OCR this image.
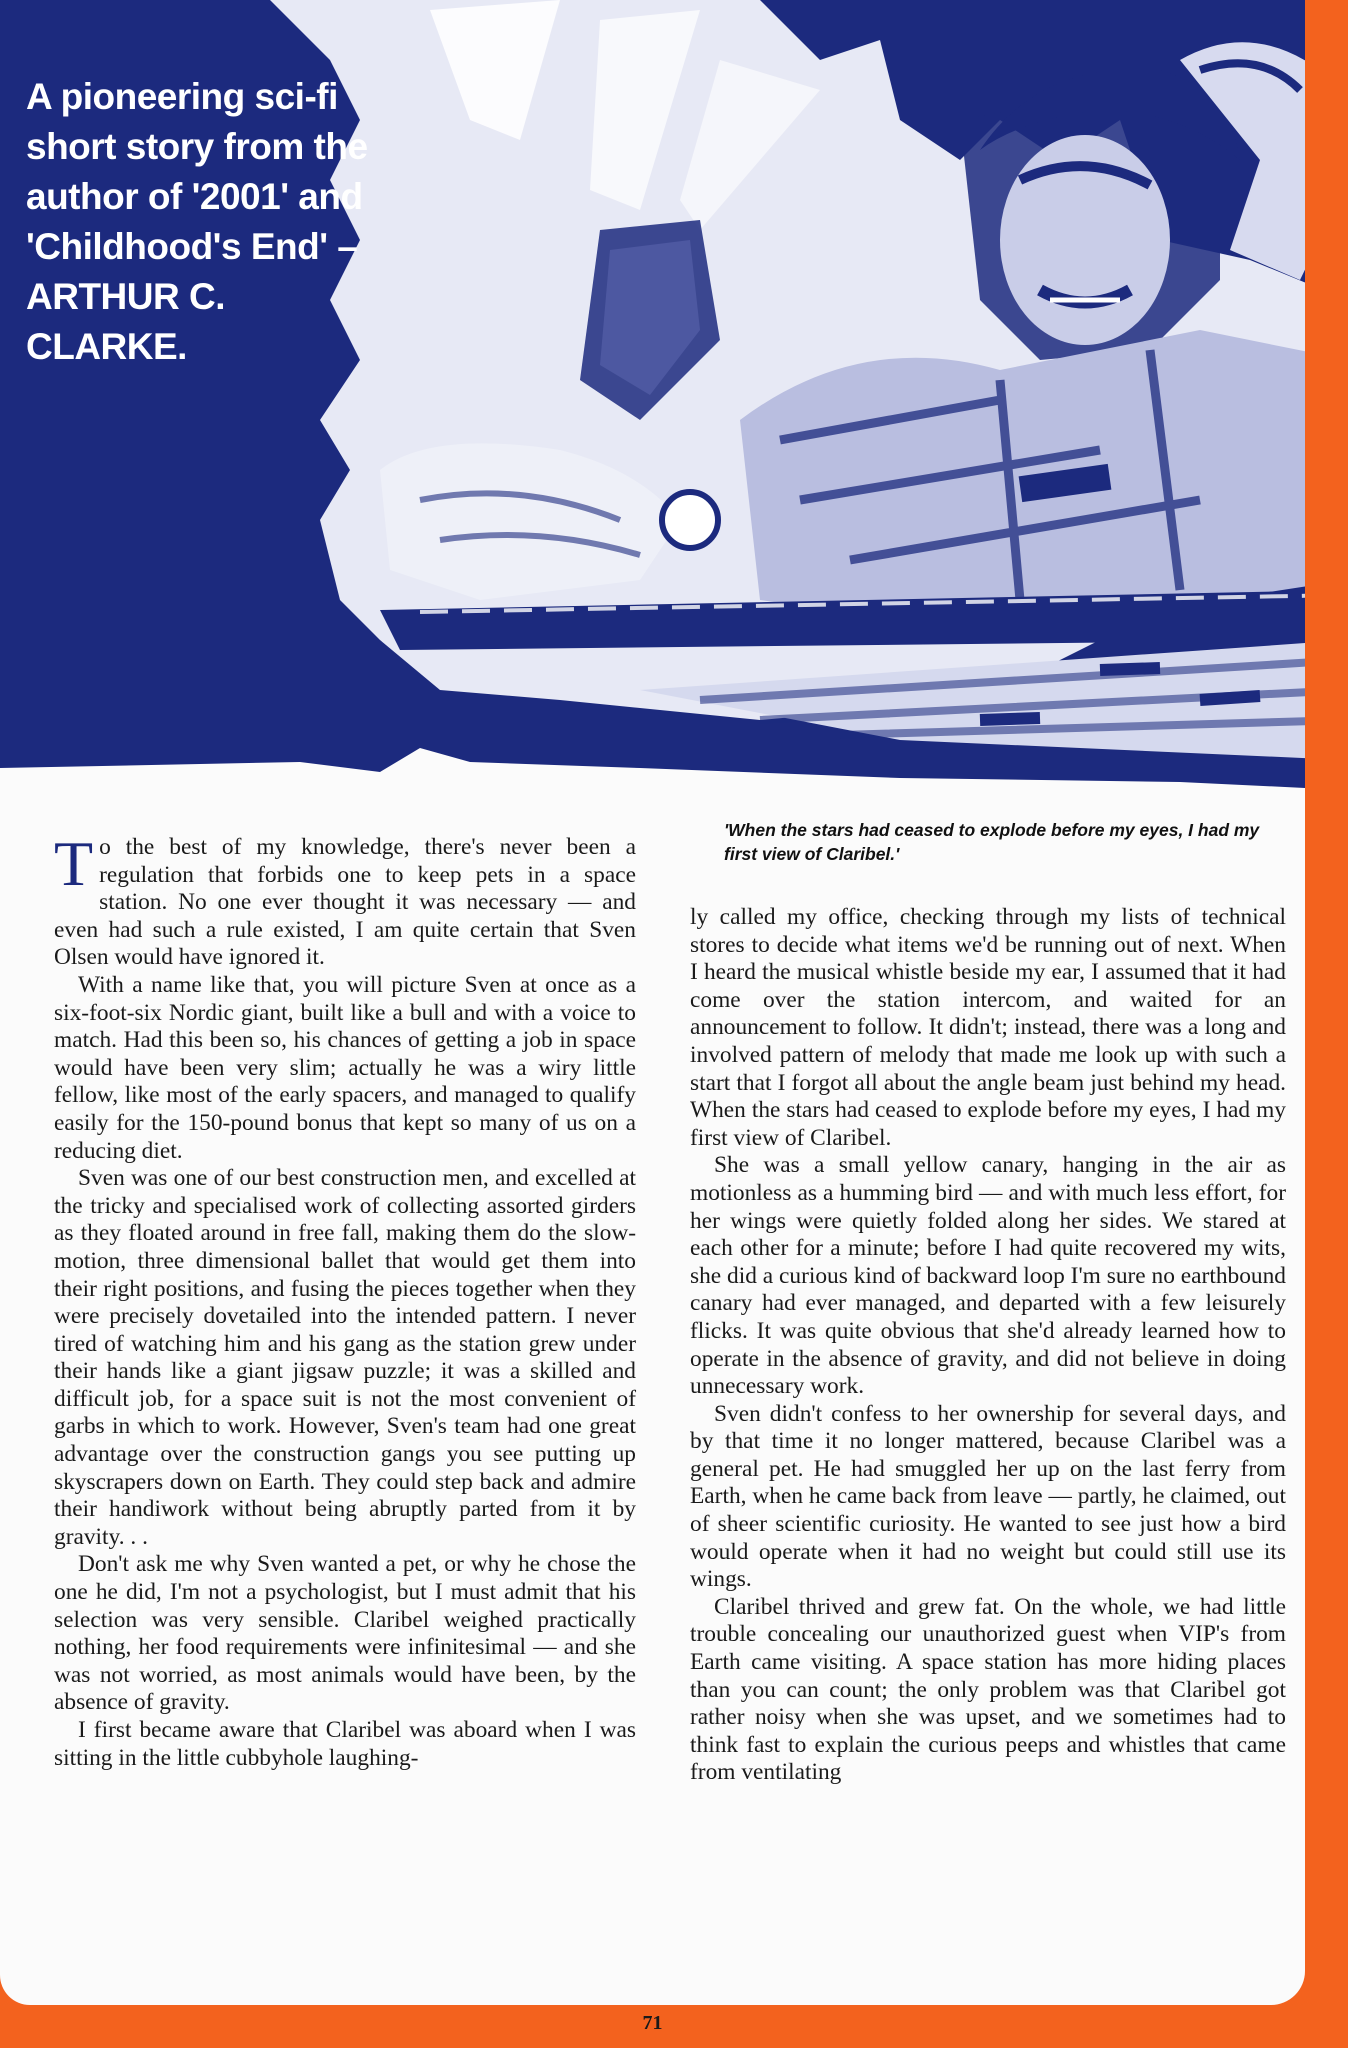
A pioneering sci-fi short story from the author of '2001' and 'Childhood's End' – ARTHUR C. CLARKE.

To the best of my knowledge, there's never been a regulation that forbids one to keep pets in a space station. No one ever thought it was necessary — and even had such a rule existed, I am quite certain that Sven Olsen would have ignored it.

With a name like that, you will picture Sven at once as a six-foot-six Nordic giant, built like a bull and with a voice to match. Had this been so, his chances of getting a job in space would have been very slim; actually he was a wiry little fellow, like most of the early spacers, and managed to qualify easily for the 150-pound bonus that kept so many of us on a reducing diet.

Sven was one of our best construction men, and excelled at the tricky and specialised work of collecting assorted girders as they floated around in free fall, making them do the slow-motion, three dimensional ballet that would get them into their right positions, and fusing the pieces together when they were precisely dovetailed into the intended pattern. I never tired of watching him and his gang as the station grew under their hands like a giant jigsaw puzzle; it was a skilled and difficult job, for a space suit is not the most convenient of garbs in which to work. However, Sven's team had one great advantage over the construction gangs you see putting up skyscrapers down on Earth. They could step back and admire their handiwork without being abruptly parted from it by gravity. . .

Don't ask me why Sven wanted a pet, or why he chose the one he did, I'm not a psychologist, but I must admit that his selection was very sensible. Claribel weighed practically nothing, her food requirements were infinitesimal — and she was not worried, as most animals would have been, by the absence of gravity.

I first became aware that Claribel was aboard when I was sitting in the little cubbyhole laughing-

'When the stars had ceased to explode before my eyes, I had my first view of Claribel.'

ly called my office, checking through my lists of technical stores to decide what items we'd be running out of next. When I heard the musical whistle beside my ear, I assumed that it had come over the station intercom, and waited for an announcement to follow. It didn't; instead, there was a long and involved pattern of melody that made me look up with such a start that I forgot all about the angle beam just behind my head. When the stars had ceased to explode before my eyes, I had my first view of Claribel.

She was a small yellow canary, hanging in the air as motionless as a humming bird — and with much less effort, for her wings were quietly folded along her sides. We stared at each other for a minute; before I had quite recovered my wits, she did a curious kind of backward loop I'm sure no earthbound canary had ever managed, and departed with a few leisurely flicks. It was quite obvious that she'd already learned how to operate in the absence of gravity, and did not believe in doing unnecessary work.

Sven didn't confess to her ownership for several days, and by that time it no longer mattered, because Claribel was a general pet. He had smuggled her up on the last ferry from Earth, when he came back from leave — partly, he claimed, out of sheer scientific curiosity. He wanted to see just how a bird would operate when it had no weight but could still use its wings.

Claribel thrived and grew fat. On the whole, we had little trouble concealing our unauthorized guest when VIP's from Earth came visiting. A space station has more hiding places than you can count; the only problem was that Claribel got rather noisy when she was upset, and we sometimes had to think fast to explain the curious peeps and whistles that came from ventilating

71
